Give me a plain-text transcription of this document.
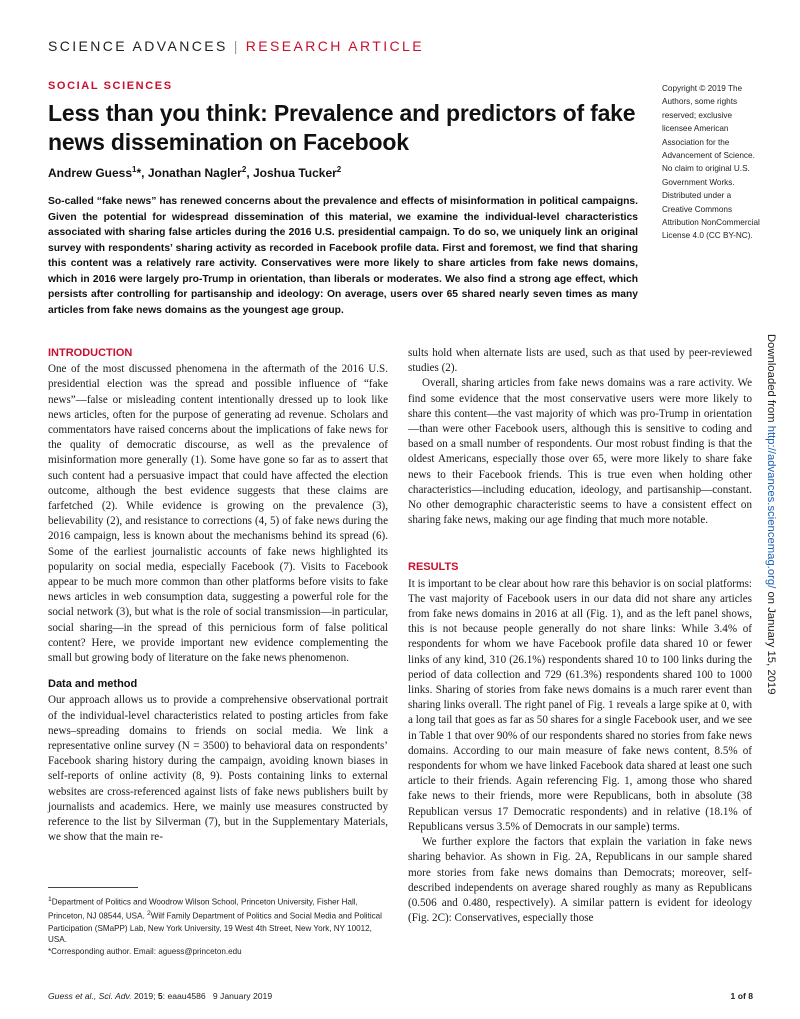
SCIENCE ADVANCES | RESEARCH ARTICLE
SOCIAL SCIENCES
Less than you think: Prevalence and predictors of fake news dissemination on Facebook
Andrew Guess$^1$*, Jonathan Nagler$^2$, Joshua Tucker$^2$
So-called “fake news” has renewed concerns about the prevalence and effects of misinformation in political campaigns. Given the potential for widespread dissemination of this material, we examine the individual-level characteristics associated with sharing false articles during the 2016 U.S. presidential campaign. To do so, we uniquely link an original survey with respondents’ sharing activity as recorded in Facebook profile data. First and foremost, we find that sharing this content was a relatively rare activity. Conservatives were more likely to share articles from fake news domains, which in 2016 were largely pro-Trump in orientation, than liberals or moderates. We also find a strong age effect, which persists after controlling for partisanship and ideology: On average, users over 65 shared nearly seven times as many articles from fake news domains as the youngest age group.
Copyright © 2019 The Authors, some rights reserved; exclusive licensee American Association for the Advancement of Science. No claim to original U.S. Government Works. Distributed under a Creative Commons Attribution NonCommercial License 4.0 (CC BY-NC).
INTRODUCTION

One of the most discussed phenomena in the aftermath of the 2016 U.S. presidential election was the spread and possible influence of “fake news”—false or misleading content intentionally dressed up to look like news articles, often for the purpose of generating ad revenue. Scholars and commentators have raised concerns about the implications of fake news for the quality of democratic discourse, as well as the prevalence of misinformation more generally (1). Some have gone so far as to assert that such content had a persuasive impact that could have affected the election outcome, although the best evidence suggests that these claims are farfetched (2). While evidence is growing on the prevalence (3), believability (2), and resistance to corrections (4, 5) of fake news during the 2016 campaign, less is known about the mechanisms behind its spread (6). Some of the earliest journalistic accounts of fake news highlighted its popularity on social media, especially Facebook (7). Visits to Facebook appear to be much more common than other platforms before visits to fake news articles in web consumption data, suggesting a powerful role for the social network (3), but what is the role of social transmission—in particular, social sharing—in the spread of this pernicious form of false political content? Here, we provide important new evidence complementing the small but growing body of literature on the fake news phenomenon.

Data and method

Our approach allows us to provide a comprehensive observational portrait of the individual-level characteristics related to posting articles from fake news–spreading domains to friends on social media. We link a representative online survey (N = 3500) to behavioral data on respondents’ Facebook sharing history during the campaign, avoiding known biases in self-reports of online activity (8, 9). Posts containing links to external websites are cross-referenced against lists of fake news publishers built by journalists and academics. Here, we mainly use measures constructed by reference to the list by Silverman (7), but in the Supplementary Materials, we show that the main re-

sults hold when alternate lists are used, such as that used by peer-reviewed studies (2).

Overall, sharing articles from fake news domains was a rare activity. We find some evidence that the most conservative users were more likely to share this content—the vast majority of which was pro-Trump in orientation—than were other Facebook users, although this is sensitive to coding and based on a small number of respondents. Our most robust finding is that the oldest Americans, especially those over 65, were more likely to share fake news to their Facebook friends. This is true even when holding other characteristics—including education, ideology, and partisanship—constant. No other demographic characteristic seems to have a consistent effect on sharing fake news, making our age finding that much more notable.

RESULTS

It is important to be clear about how rare this behavior is on social platforms: The vast majority of Facebook users in our data did not share any articles from fake news domains in 2016 at all (Fig. 1), and as the left panel shows, this is not because people generally do not share links: While 3.4% of respondents for whom we have Facebook profile data shared 10 or fewer links of any kind, 310 (26.1%) respondents shared 10 to 100 links during the period of data collection and 729 (61.3%) respondents shared 100 to 1000 links. Sharing of stories from fake news domains is a much rarer event than sharing links overall. The right panel of Fig. 1 reveals a large spike at 0, with a long tail that goes as far as 50 shares for a single Facebook user, and we see in Table 1 that over 90% of our respondents shared no stories from fake news domains. According to our main measure of fake news content, 8.5% of respondents for whom we have linked Facebook data shared at least one such article to their friends. Again referencing Fig. 1, among those who shared fake news to their friends, more were Republicans, both in absolute (38 Republican versus 17 Democratic respondents) and in relative (18.1% of Republicans versus 3.5% of Democrats in our sample) terms.

We further explore the factors that explain the variation in fake news sharing behavior. As shown in Fig. 2A, Republicans in our sample shared more stories from fake news domains than Democrats; moreover, self-described independents on average shared roughly as many as Republicans (0.506 and 0.480, respectively). A similar pattern is evident for ideology (Fig. 2C): Conservatives, especially those

$^1$Department of Politics and Woodrow Wilson School, Princeton University, Fisher Hall, Princeton, NJ 08544, USA. $^2$Wilf Family Department of Politics and Social Media and Political Participation (SMaPP) Lab, New York University, 19 West 4th Street, New York, NY 10012, USA.

*Corresponding author. Email: aguess@princeton.edu

Guess et al., Sci. Adv. 2019; 5: eaau4586 9 January 2019	1 of 8
Downloaded from http://advances.sciencemag.org/ on January 15, 2019
